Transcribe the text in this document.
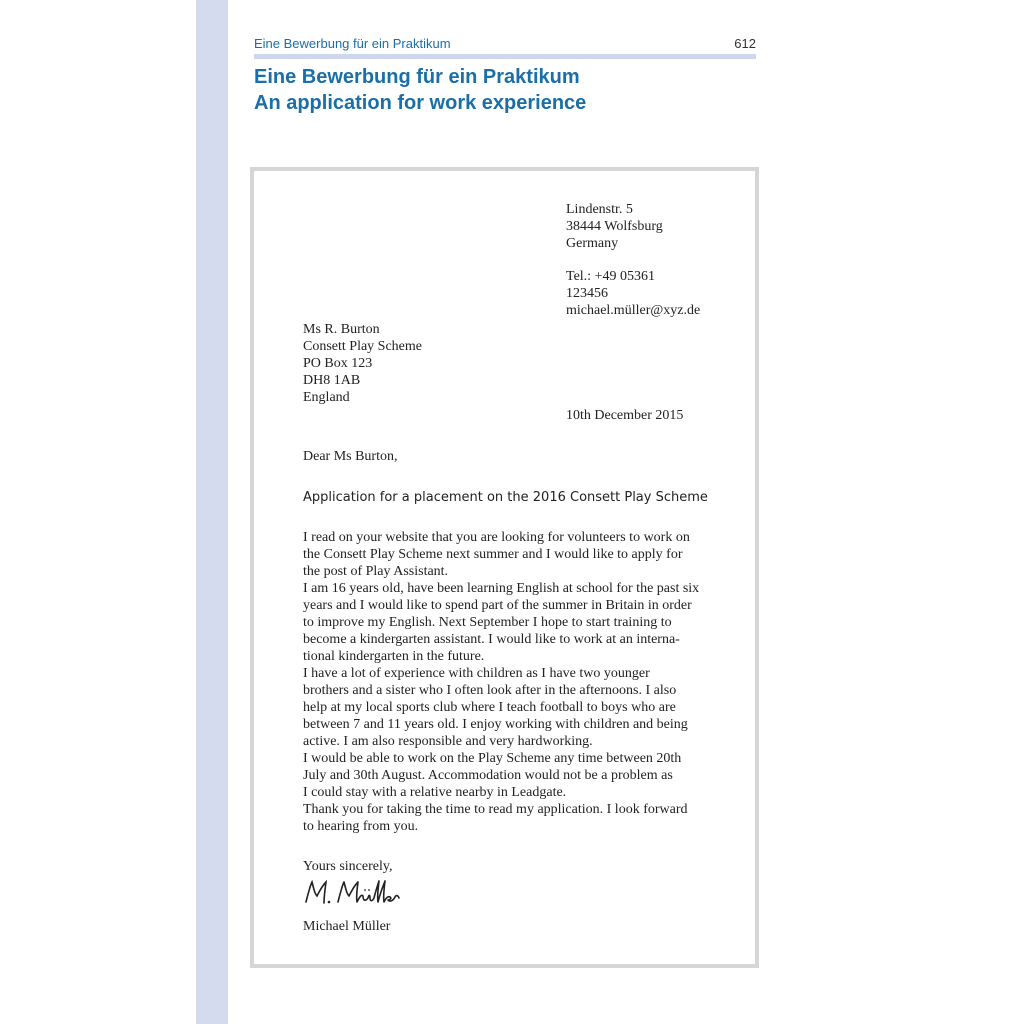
Eine Bewerbung für ein Praktikum	612
Eine Bewerbung für ein Praktikum
An application for work experience
Lindenstr. 5
38444 Wolfsburg
Germany
Tel.: +49 05361
123456
michael.müller@xyz.de
Ms R. Burton
Consett Play Scheme
PO Box 123
DH8 1AB
England
10th December 2015
Dear Ms Burton,
Application for a placement on the 2016 Consett Play Scheme

I read on your website that you are looking for volunteers to work on
the Consett Play Scheme next summer and I would like to apply for
the post of Play Assistant.

I am 16 years old, have been learning English at school for the past six
years and I would like to spend part of the summer in Britain in order
to improve my English. Next September I hope to start training to
become a kindergarten assistant. I would like to work at an interna-
tional kindergarten in the future.

I have a lot of experience with children as I have two younger
brothers and a sister who I often look after in the afternoons. I also
help at my local sports club where I teach football to boys who are
between 7 and 11 years old. I enjoy working with children and being
active. I am also responsible and very hardworking.

I would be able to work on the Play Scheme any time between 20th
July and 30th August. Accommodation would not be a problem as
I could stay with a relative nearby in Leadgate.

Thank you for taking the time to read my application. I look forward
to hearing from you.

Yours sincerely,
Michael Müller
